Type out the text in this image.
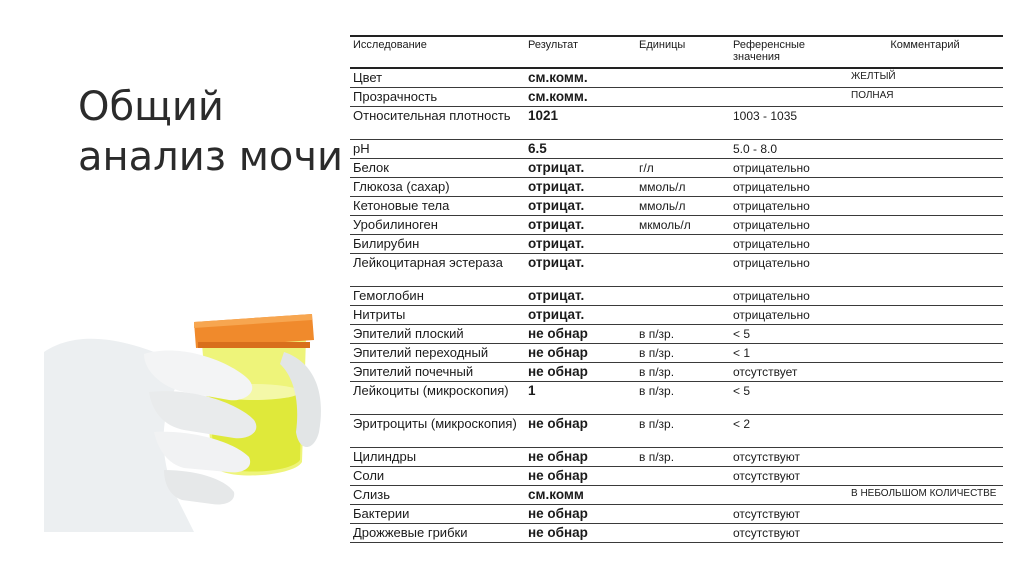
Общий анализ мочи
Исследование	Результат	Единицы	Референсные значения	Комментарий
Цвет	см.комм.			ЖЕЛТЫЙ
Прозрачность	см.комм.			ПОЛНАЯ
Относительная плотность	1021		1003 - 1035	
pH	6.5		5.0 - 8.0	
Белок	отрицат.	г/л	отрицательно	
Глюкоза (сахар)	отрицат.	ммоль/л	отрицательно	
Кетоновые тела	отрицат.	ммоль/л	отрицательно	
Уробилиноген	отрицат.	мкмоль/л	отрицательно	
Билирубин	отрицат.		отрицательно	
Лейкоцитарная эстераза	отрицат.		отрицательно	
Гемоглобин	отрицат.		отрицательно	
Нитриты	отрицат.		отрицательно	
Эпителий плоский	не обнар	в п/зр.	< 5	
Эпителий переходный	не обнар	в п/зр.	< 1	
Эпителий почечный	не обнар	в п/зр.	отсутствует	
Лейкоциты (микроскопия)	1	в п/зр.	< 5	
Эритроциты (микроскопия)	не обнар	в п/зр.	< 2	
Цилиндры	не обнар	в п/зр.	отсутствуют	
Соли	не обнар		отсутствуют	
Слизь	см.комм			В НЕБОЛЬШОМ КОЛИЧЕСТВЕ
Бактерии	не обнар		отсутствуют	
Дрожжевые грибки	не обнар		отсутствуют	
